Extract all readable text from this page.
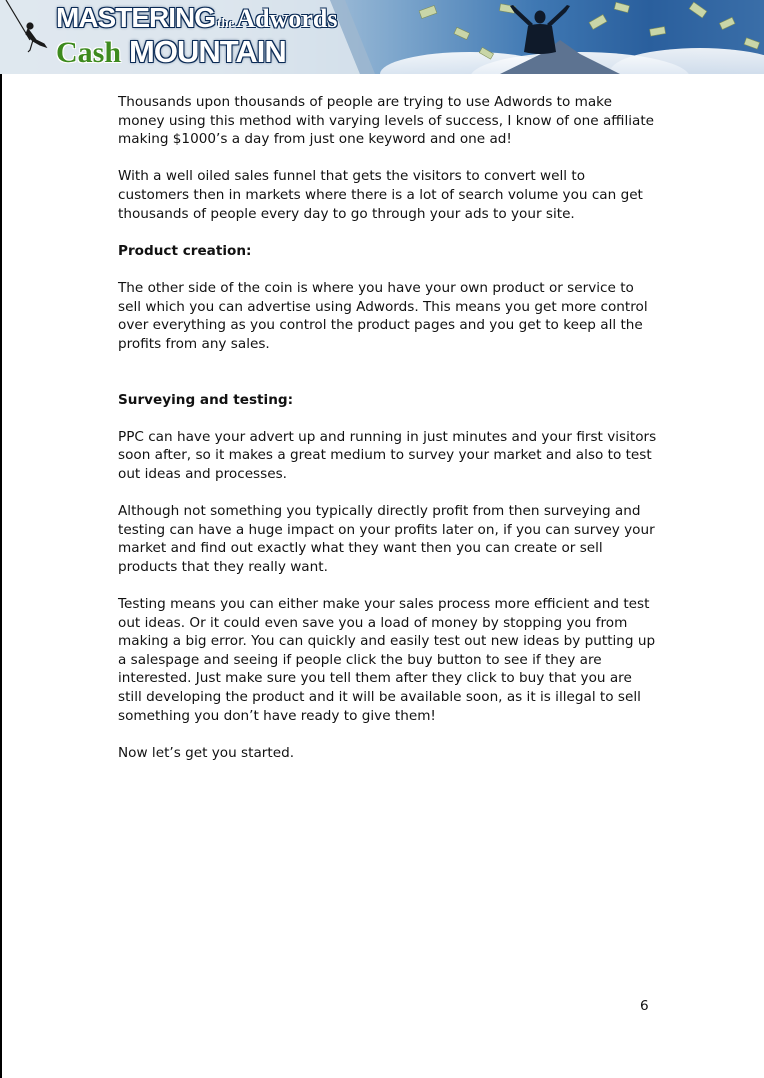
MASTERING theAdwords
Cash MOUNTAIN

Thousands upon thousands of people are trying to use Adwords to make money using this method with varying levels of success, I know of one affiliate making $1000’s a day from just one keyword and one ad!

With a well oiled sales funnel that gets the visitors to convert well to customers then in markets where there is a lot of search volume you can get thousands of people every day to go through your ads to your site.

Product creation:

The other side of the coin is where you have your own product or service to sell which you can advertise using Adwords. This means you get more control over everything as you control the product pages and you get to keep all the profits from any sales.

Surveying and testing:

PPC can have your advert up and running in just minutes and your first visitors soon after, so it makes a great medium to survey your market and also to test out ideas and processes.

Although not something you typically directly profit from then surveying and testing can have a huge impact on your profits later on, if you can survey your market and find out exactly what they want then you can create or sell products that they really want.

Testing means you can either make your sales process more efficient and test out ideas. Or it could even save you a load of money by stopping you from making a big error. You can quickly and easily test out new ideas by putting up a salespage and seeing if people click the buy button to see if they are interested. Just make sure you tell them after they click to buy that you are still developing the product and it will be available soon, as it is illegal to sell something you don’t have ready to give them!

Now let’s get you started.

6
